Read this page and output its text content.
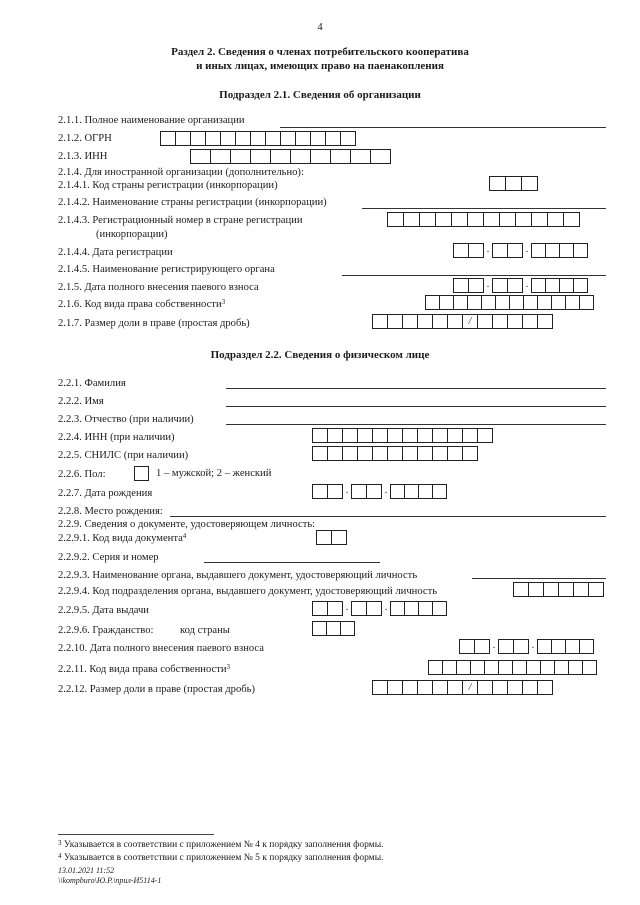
4
Раздел 2. Сведения о членах потребительского кооператива
и иных лицах, имеющих право на паенакопления
Подраздел 2.1. Сведения об организации
2.1.1. Полное наименование организации
2.1.2. ОГРН
2.1.3. ИНН
2.1.4. Для иностранной организации (дополнительно):
2.1.4.1. Код страны регистрации (инкорпорации)
2.1.4.2. Наименование страны регистрации (инкорпорации)
2.1.4.3. Регистрационный номер в стране регистрации
(инкорпорации)
2.1.4.4. Дата регистрации	.	.
2.1.4.5. Наименование регистрирующего органа
2.1.5. Дата полного внесения паевого взноса	.	.
2.1.6. Код вида права собственности$^3$
2.1.7. Размер доли в праве (простая дробь)	/
Подраздел 2.2. Сведения о физическом лице
2.2.1. Фамилия
2.2.2. Имя
2.2.3. Отчество (при наличии)
2.2.4. ИНН (при наличии)
2.2.5. СНИЛС (при наличии)
2.2.6. Пол:	1 – мужской; 2 – женский
2.2.7. Дата рождения	.	.
2.2.8. Место рождения:
2.2.9. Сведения о документе, удостоверяющем личность:
2.2.9.1. Код вида документа$^4$
2.2.9.2. Серия и номер
2.2.9.3. Наименование органа, выдавшего документ, удостоверяющий личность
2.2.9.4. Код подразделения органа, выдавшего документ, удостоверяющий личность
2.2.9.5. Дата выдачи	.	.
2.2.9.6. Гражданство:	код страны
2.2.10. Дата полного внесения паевого взноса	.	.
2.2.11. Код вида права собственности$^3$
2.2.12. Размер доли в праве (простая дробь)	/
$^3$ Указывается в соответствии с приложением № 4 к порядку заполнения формы.
$^4$ Указывается в соответствии с приложением № 5 к порядку заполнения формы.
13.01.2021 11:52
\\kompburo\Ю.Р.\прил-И5114-1
